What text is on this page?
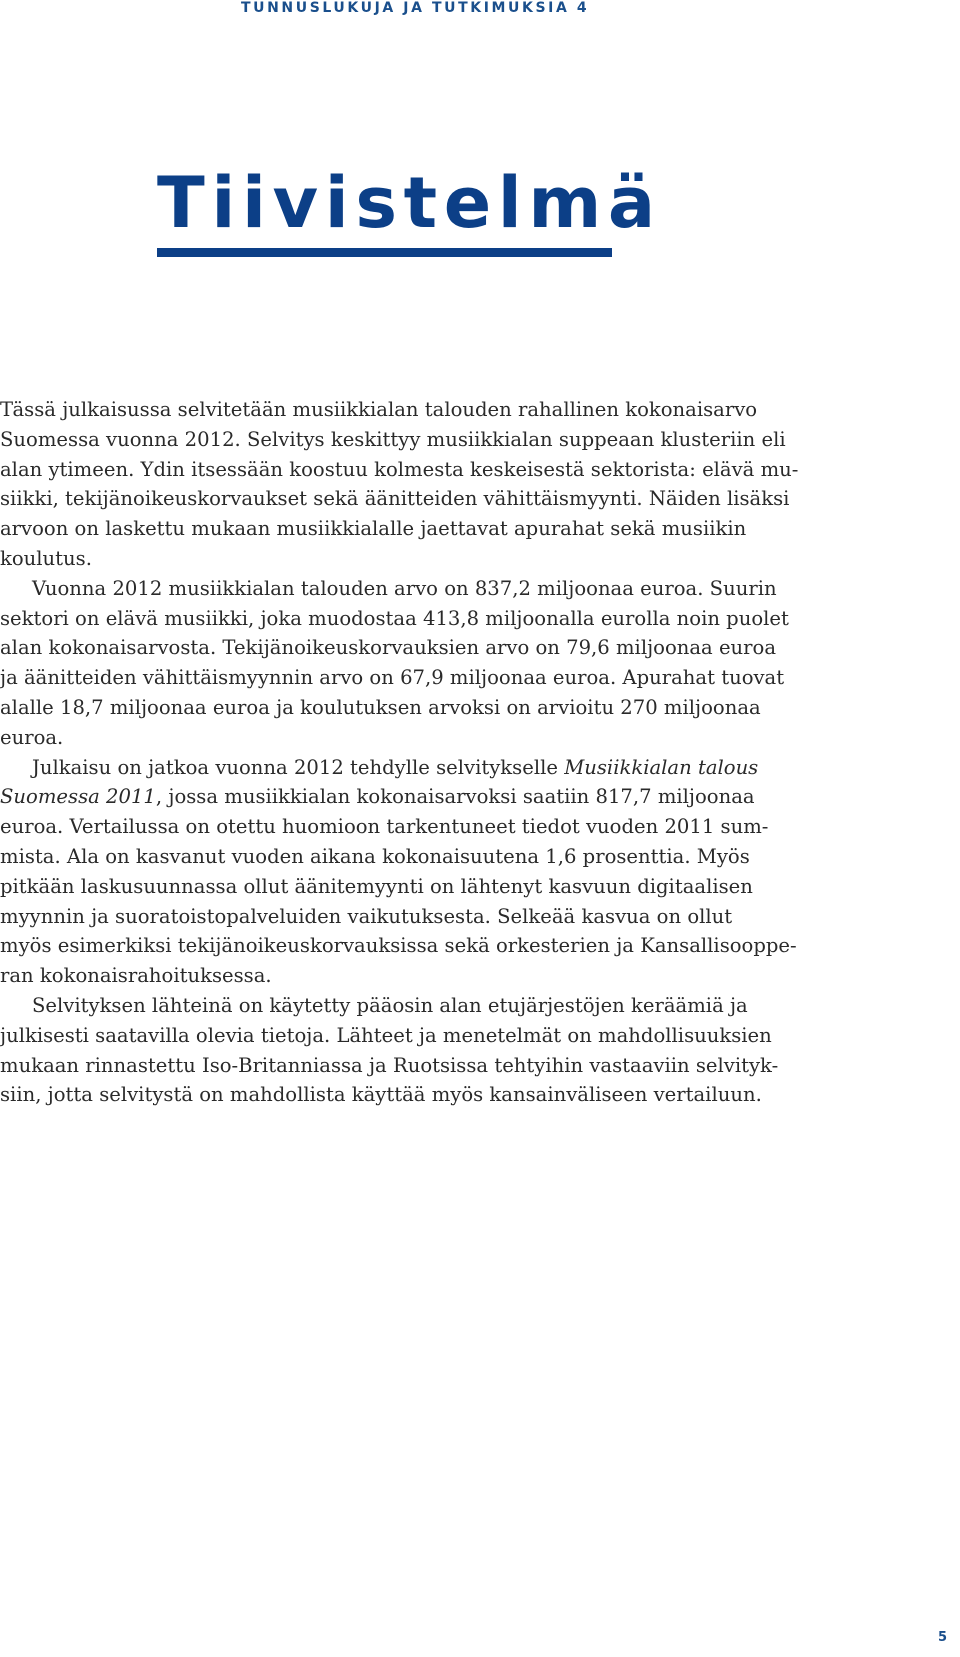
TUNNUSLUKUJA JA TUTKIMUKSIA 4
Tiivistelmä

Tässä julkaisussa selvitetään musiikkialan talouden rahallinen kokonaisarvo
Suomessa vuonna 2012. Selvitys keskittyy musiikkialan suppeaan klusteriin eli
alan ytimeen. Ydin itsessään koostuu kolmesta keskeisestä sektorista: elävä mu-
siikki, tekijänoikeuskorvaukset sekä äänitteiden vähittäismyynti. Näiden lisäksi
arvoon on laskettu mukaan musiikkialalle jaettavat apurahat sekä musiikin
koulutus.

Vuonna 2012 musiikkialan talouden arvo on 837,2 miljoonaa euroa. Suurin
sektori on elävä musiikki, joka muodostaa 413,8 miljoonalla eurolla noin puolet
alan kokonaisarvosta. Tekijänoikeuskorvauksien arvo on 79,6 miljoonaa euroa
ja äänitteiden vähittäismyynnin arvo on 67,9 miljoonaa euroa. Apurahat tuovat
alalle 18,7 miljoonaa euroa ja koulutuksen arvoksi on arvioitu 270 miljoonaa
euroa.

Julkaisu on jatkoa vuonna 2012 tehdylle selvitykselle Musiikkialan talous
Suomessa 2011, jossa musiikkialan kokonaisarvoksi saatiin 817,7 miljoonaa
euroa. Vertailussa on otettu huomioon tarkentuneet tiedot vuoden 2011 sum-
mista. Ala on kasvanut vuoden aikana kokonaisuutena 1,6 prosenttia. Myös
pitkään laskusuunnassa ollut äänitemyynti on lähtenyt kasvuun digitaalisen
myynnin ja suoratoistopalveluiden vaikutuksesta. Selkeää kasvua on ollut
myös esimerkiksi tekijänoikeuskorvauksissa sekä orkesterien ja Kansallisooppe-
ran kokonaisrahoituksessa.

Selvityksen lähteinä on käytetty pääosin alan etujärjestöjen keräämiä ja
julkisesti saatavilla olevia tietoja. Lähteet ja menetelmät on mahdollisuuksien
mukaan rinnastettu Iso-Britanniassa ja Ruotsissa tehtyihin vastaaviin selvityk-
siin, jotta selvitystä on mahdollista käyttää myös kansainväliseen vertailuun.

5
